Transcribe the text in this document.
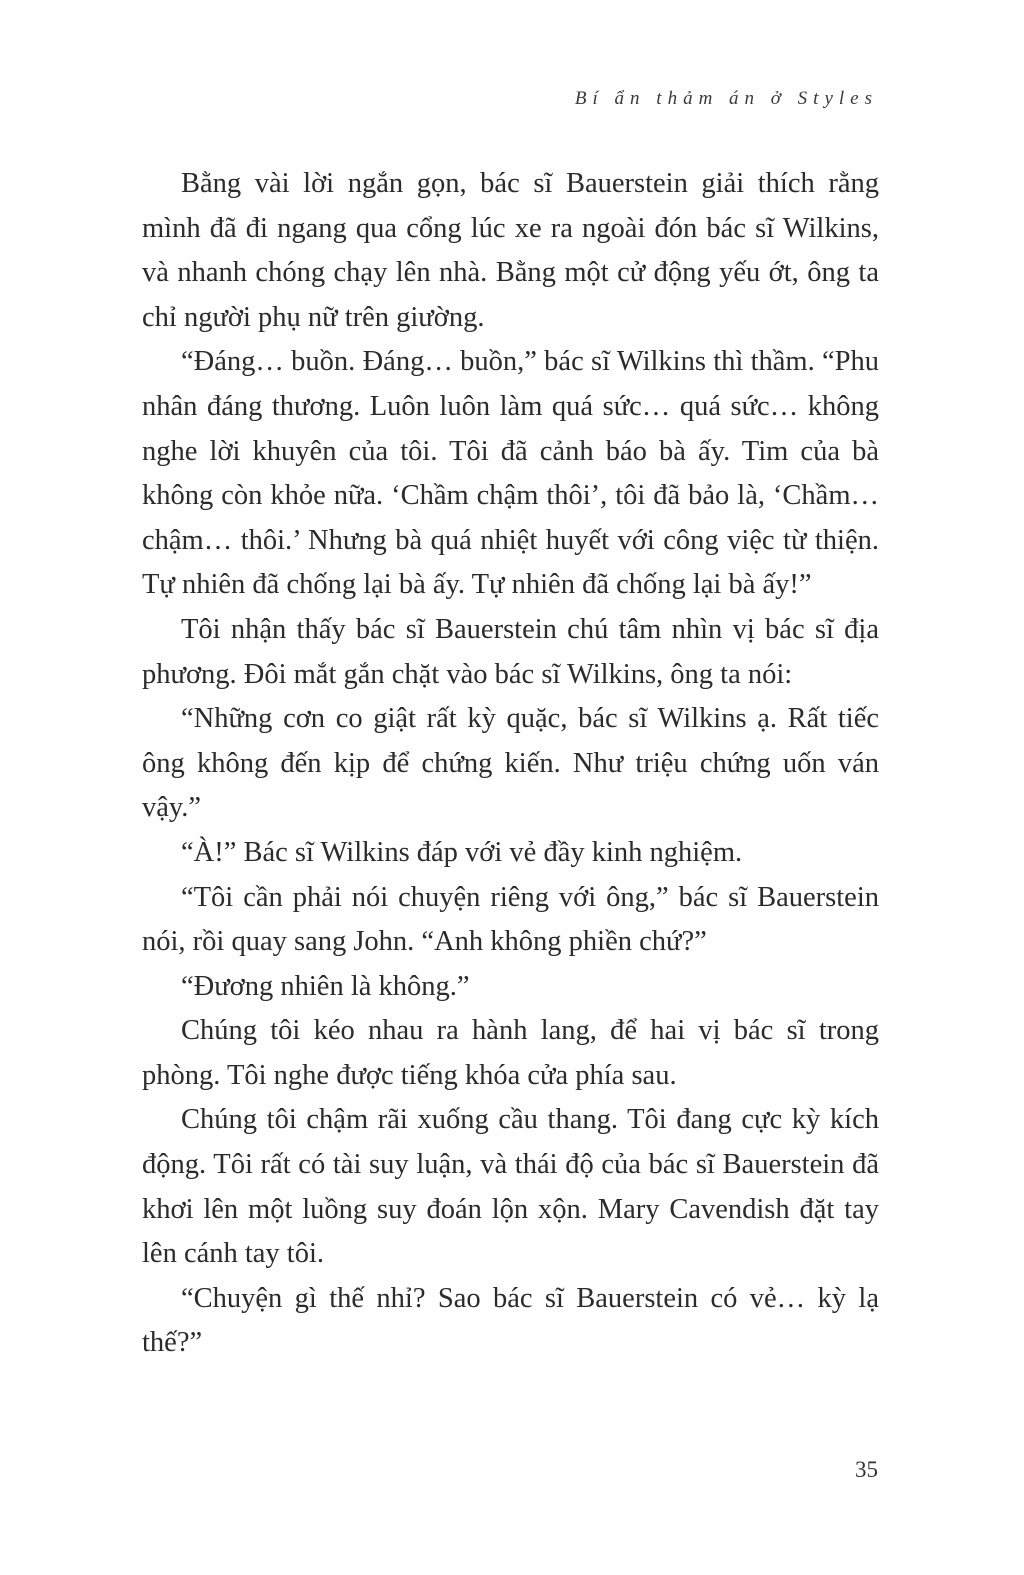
Bí ẩn thảm án ở Styles

Bằng vài lời ngắn gọn, bác sĩ Bauerstein giải thích rằng mình đã đi ngang qua cổng lúc xe ra ngoài đón bác sĩ Wilkins, và nhanh chóng chạy lên nhà. Bằng một cử động yếu ớt, ông ta chỉ người phụ nữ trên giường.

“Đáng… buồn. Đáng… buồn,” bác sĩ Wilkins thì thầm. “Phu nhân đáng thương. Luôn luôn làm quá sức… quá sức… không nghe lời khuyên của tôi. Tôi đã cảnh báo bà ấy. Tim của bà không còn khỏe nữa. ‘Chầm chậm thôi’, tôi đã bảo là, ‘Chầm… chậm… thôi.’ Nhưng bà quá nhiệt huyết với công việc từ thiện. Tự nhiên đã chống lại bà ấy. Tự nhiên đã chống lại bà ấy!”

Tôi nhận thấy bác sĩ Bauerstein chú tâm nhìn vị bác sĩ địa phương. Đôi mắt gắn chặt vào bác sĩ Wilkins, ông ta nói:

“Những cơn co giật rất kỳ quặc, bác sĩ Wilkins ạ. Rất tiếc ông không đến kịp để chứng kiến. Như triệu chứng uốn ván vậy.”

“À!” Bác sĩ Wilkins đáp với vẻ đầy kinh nghiệm.

“Tôi cần phải nói chuyện riêng với ông,” bác sĩ Bauerstein nói, rồi quay sang John. “Anh không phiền chứ?”

“Đương nhiên là không.”

Chúng tôi kéo nhau ra hành lang, để hai vị bác sĩ trong phòng. Tôi nghe được tiếng khóa cửa phía sau.

Chúng tôi chậm rãi xuống cầu thang. Tôi đang cực kỳ kích động. Tôi rất có tài suy luận, và thái độ của bác sĩ Bauerstein đã khơi lên một luồng suy đoán lộn xộn. Mary Cavendish đặt tay lên cánh tay tôi.

“Chuyện gì thế nhỉ? Sao bác sĩ Bauerstein có vẻ… kỳ lạ thế?”

35
